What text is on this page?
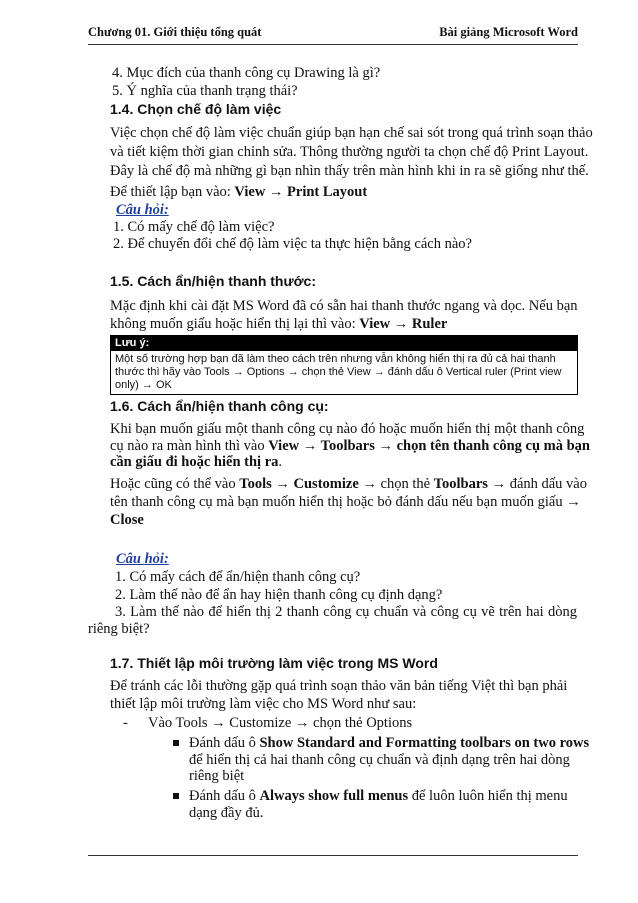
Chương 01. Giới thiệu tổng quát	Bài giảng Microsoft Word
4. Mục đích của thanh công cụ Drawing là gì?
5. Ý nghĩa của thanh trạng thái?
1.4. Chọn chế độ làm việc
Việc chọn chế độ làm việc chuẩn giúp bạn hạn chế sai sót trong quá trình soạn thảo
và tiết kiệm thời gian chỉnh sửa. Thông thường người ta chọn chế độ Print Layout.
Đây là chế độ mà những gì bạn nhìn thấy trên màn hình khi in ra sẽ giống như thế.
Để thiết lập bạn vào: View → Print Layout
Câu hỏi:
1. Có mấy chế độ làm việc?
2. Để chuyển đổi chế độ làm việc ta thực hiện bằng cách nào?
1.5. Cách ẩn/hiện thanh thước:
Mặc định khi cài đặt MS Word đã có sẵn hai thanh thước ngang và dọc. Nếu bạn
không muốn giấu hoặc hiển thị lại thì vào: View → Ruler
Lưu ý:
Một số trường hợp bạn đã làm theo cách trên nhưng vẫn không hiển thị ra đủ cả hai thanh
thước thì hãy vào Tools → Options → chọn thẻ View → đánh dấu ô Vertical ruler (Print view
only) → OK
1.6. Cách ẩn/hiện thanh công cụ:
Khi bạn muốn giấu một thanh công cụ nào đó hoặc muốn hiển thị một thanh công
cụ nào ra màn hình thì vào View → Toolbars → chọn tên thanh công cụ mà bạn
cần giấu đi hoặc hiển thị ra.
Hoặc cũng có thể vào Tools → Customize → chọn thẻ Toolbars → đánh dấu vào
tên thanh công cụ mà bạn muốn hiển thị hoặc bỏ đánh dấu nếu bạn muốn giấu →
Close
Câu hỏi:
1. Có mấy cách để ẩn/hiện thanh công cụ?
2. Làm thế nào để ẩn hay hiện thanh công cụ định dạng?
3. Làm thế nào để hiển thị 2 thanh công cụ chuẩn và công cụ vẽ trên hai dòng
riêng biệt?
1.7. Thiết lập môi trường làm việc trong MS Word
Để tránh các lỗi thường gặp quá trình soạn thảo văn bản tiếng Việt thì bạn phải
thiết lập môi trường làm việc cho MS Word như sau:
- Vào Tools → Customize → chọn thẻ Options
Đánh dấu ô Show Standard and Formatting toolbars on two rows
để hiển thị cả hai thanh công cụ chuẩn và định dạng trên hai dòng
riêng biệt
Đánh dấu ô Always show full menus để luôn luôn hiển thị menu
dạng đầy đủ.
